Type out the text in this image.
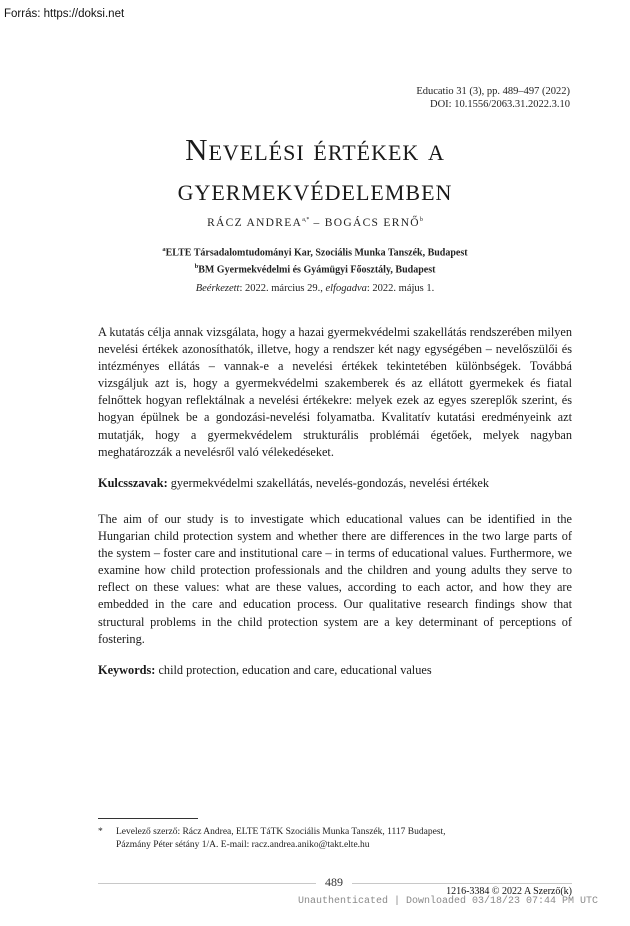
Forrás: https://doksi.net

Educatio 31 (3), pp. 489–497 (2022)
DOI: 10.1556/2063.31.2022.3.10
Nevelési értékek a
gyermekvédelemben
RÁCZ $ANDREA^{a,*}$ – BOGÁCS ERNŐ$^b$
$^a$ELTE Társadalomtudományi Kar, Szociális Munka Tanszék, Budapest
$^b$BM Gyermekvédelmi és Gyámügyi Főosztály, Budapest
Beérkezett: 2022. március 29., elfogadva: 2022. május 1.

A kutatás célja annak vizsgálata, hogy a hazai gyermekvédelmi szakellátás rendszerében milyen nevelési értékek azonosíthatók, illetve, hogy a rendszer két nagy egységében – nevelőszülői és intézményes ellátás – vannak-e a nevelési értékek tekintetében különbségek. Továbbá vizsgáljuk azt is, hogy a gyermekvédelmi szakemberek és az ellátott gyermekek és fiatal felnőttek hogyan reflektálnak a nevelési értékekre: melyek ezek az egyes szereplők szerint, és hogyan épülnek be a gondozási-nevelési folyamatba. Kvalitatív kutatási eredményeink azt mutatják, hogy a gyermekvédelem strukturális problémái égetőek, melyek nagyban meghatározzák a nevelésről való vélekedéseket.

Kulcsszavak: gyermekvédelmi szakellátás, nevelés-gondozás, nevelési értékek

The aim of our study is to investigate which educational values can be identified in the Hungarian child protection system and whether there are differences in the two large parts of the system – foster care and institutional care – in terms of educational values. Furthermore, we examine how child protection professionals and the children and young adults they serve to reflect on these values: what are these values, according to each actor, and how they are embedded in the care and education process. Our qualitative research findings show that structural problems in the child protection system are a key determinant of perceptions of fostering.

Keywords: child protection, education and care, educational values

* Levelező szerző: Rácz Andrea, ELTE TáTK Szociális Munka Tanszék, 1117 Budapest,
Pázmány Péter sétány 1/A. E-mail: racz.andrea.aniko@takt.elte.hu
489
1216-3384 © 2022 A Szerző(k)
Unauthenticated | Downloaded 03/18/23 07:44 PM UTC
